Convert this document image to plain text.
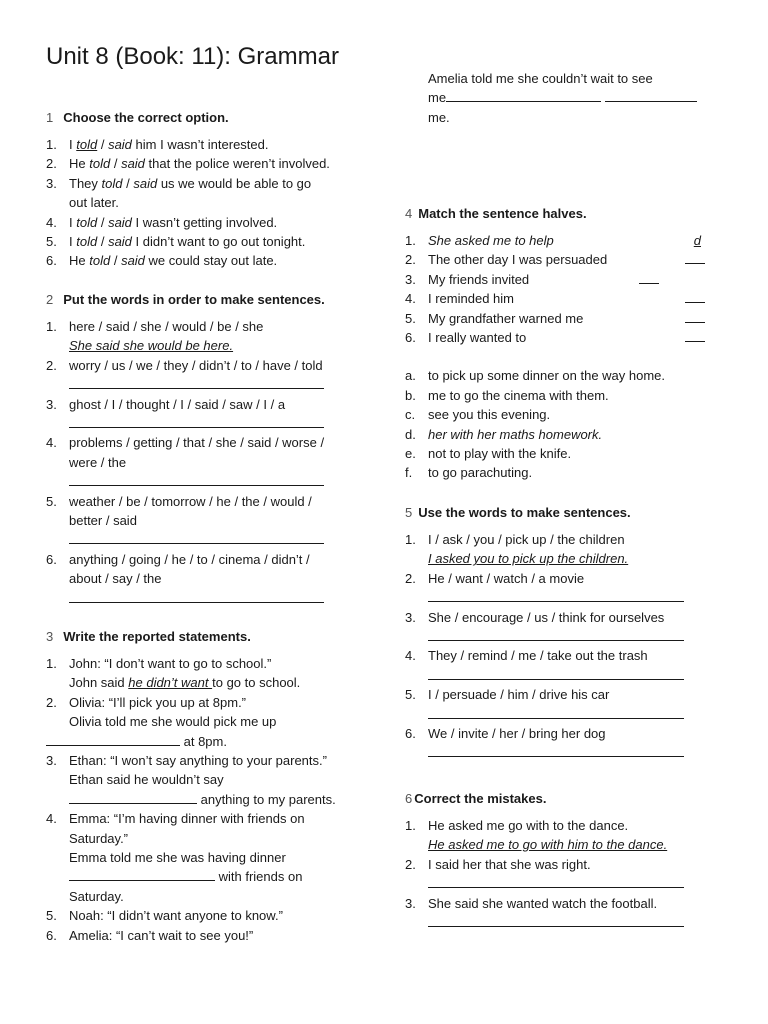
Unit 8 (Book: 11): Grammar
1 Choose the correct option.
1. I told / said him I wasn’t interested.
2. He told / said that the police weren’t involved.
3. They told / said us we would be able to go
out later.
4. I told / said I wasn’t getting involved.
5. I told / said I didn’t want to go out tonight.
6. He told / said we could stay out late.
2 Put the words in order to make sentences.
1. here / said / she / would / be / she
She said she would be here.
2. worry / us / we / they / didn’t / to / have / told
3. ghost / I / thought / I / said / saw / I / a
4. problems / getting / that / she / said / worse /
were / the
5. weather / be / tomorrow / he / the / would /
better / said
6. anything / going / he / to / cinema / didn’t /
about / say / the
3 Write the reported statements.
1. John: “I don’t want to go to school.”
John said he didn’t want to go to school.
2. Olivia: “I’ll pick you up at 8pm.”
Olivia told me she would pick me up
at 8pm.
3. Ethan: “I won’t say anything to your parents.”
Ethan said he wouldn’t say
anything to my parents.
4. Emma: “I’m having dinner with friends on
Saturday.”
Emma told me she was having dinner
with friends on
Saturday.
5. Noah: “I didn’t want anyone to know.”
6. Amelia: “I can’t wait to see you!”
Amelia told me she couldn’t wait to see
me
me.
4 Match the sentence halves.
1. She asked me to help	d
2. The other day I was persuaded
3. My friends invited
4. I reminded him
5. My grandfather warned me
6. I really wanted to
a. to pick up some dinner on the way home.
b. me to go the cinema with them.
c. see you this evening.
d. her with her maths homework.
e. not to play with the knife.
f. to go parachuting.
5 Use the words to make sentences.
1. I / ask / you / pick up / the children
I asked you to pick up the children.
2. He / want / watch / a movie
3. She / encourage / us / think for ourselves
4. They / remind / me / take out the trash
5. I / persuade / him / drive his car
6. We / invite / her / bring her dog
6 Correct the mistakes.
1. He asked me go with to the dance.
He asked me to go with him to the dance.
2. I said her that she was right.
3. She said she wanted watch the football.
